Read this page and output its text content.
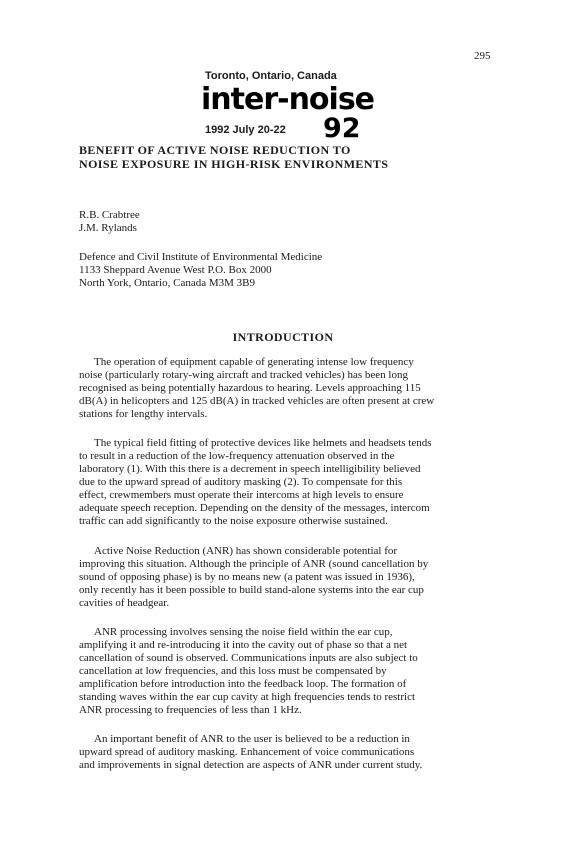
295
Toronto, Ontario, Canada
inter-noise
1992 July 20-22 92
BENEFIT OF ACTIVE NOISE REDUCTION TO
NOISE EXPOSURE IN HIGH-RISK ENVIRONMENTS
R.B. Crabtree
J.M. Rylands
Defence and Civil Institute of Environmental Medicine
1133 Sheppard Avenue West P.O. Box 2000
North York, Ontario, Canada M3M 3B9
INTRODUCTION
The operation of equipment capable of generating intense low frequency
noise (particularly rotary-wing aircraft and tracked vehicles) has been long
recognised as being potentially hazardous to hearing. Levels approaching 115
dB(A) in helicopters and 125 dB(A) in tracked vehicles are often present at crew
stations for lengthy intervals.
The typical field fitting of protective devices like helmets and headsets tends
to result in a reduction of the low-frequency attenuation observed in the
laboratory (1). With this there is a decrement in speech intelligibility believed
due to the upward spread of auditory masking (2). To compensate for this
effect, crewmembers must operate their intercoms at high levels to ensure
adequate speech reception. Depending on the density of the messages, intercom
traffic can add significantly to the noise exposure otherwise sustained.
Active Noise Reduction (ANR) has shown considerable potential for
improving this situation. Although the principle of ANR (sound cancellation by
sound of opposing phase) is by no means new (a patent was issued in 1936),
only recently has it been possible to build stand-alone systems into the ear cup
cavities of headgear.
ANR processing involves sensing the noise field within the ear cup,
amplifying it and re-introducing it into the cavity out of phase so that a net
cancellation of sound is observed. Communications inputs are also subject to
cancellation at low frequencies, and this loss must be compensated by
amplification before introduction into the feedback loop. The formation of
standing waves within the ear cup cavity at high frequencies tends to restrict
ANR processing to frequencies of less than 1 kHz.
An important benefit of ANR to the user is believed to be a reduction in
upward spread of auditory masking. Enhancement of voice communications
and improvements in signal detection are aspects of ANR under current study.
